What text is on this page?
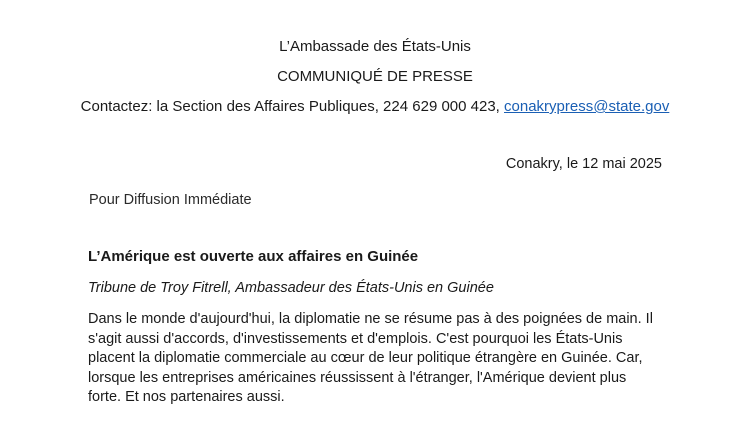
L’Ambassade des États-Unis
COMMUNIQUÉ DE PRESSE
Contactez: la Section des Affaires Publiques, 224 629 000 423, conakrypress@state.gov
Conakry, le 12 mai 2025
Pour Diffusion Immédiate
L’Amérique est ouverte aux affaires en Guinée
Tribune de Troy Fitrell, Ambassadeur des États-Unis en Guinée
Dans le monde d'aujourd'hui, la diplomatie ne se résume pas à des poignées de main. Il
s'agit aussi d'accords, d'investissements et d'emplois. C'est pourquoi les États-Unis
placent la diplomatie commerciale au cœur de leur politique étrangère en Guinée. Car,
lorsque les entreprises américaines réussissent à l'étranger, l'Amérique devient plus
forte. Et nos partenaires aussi.
